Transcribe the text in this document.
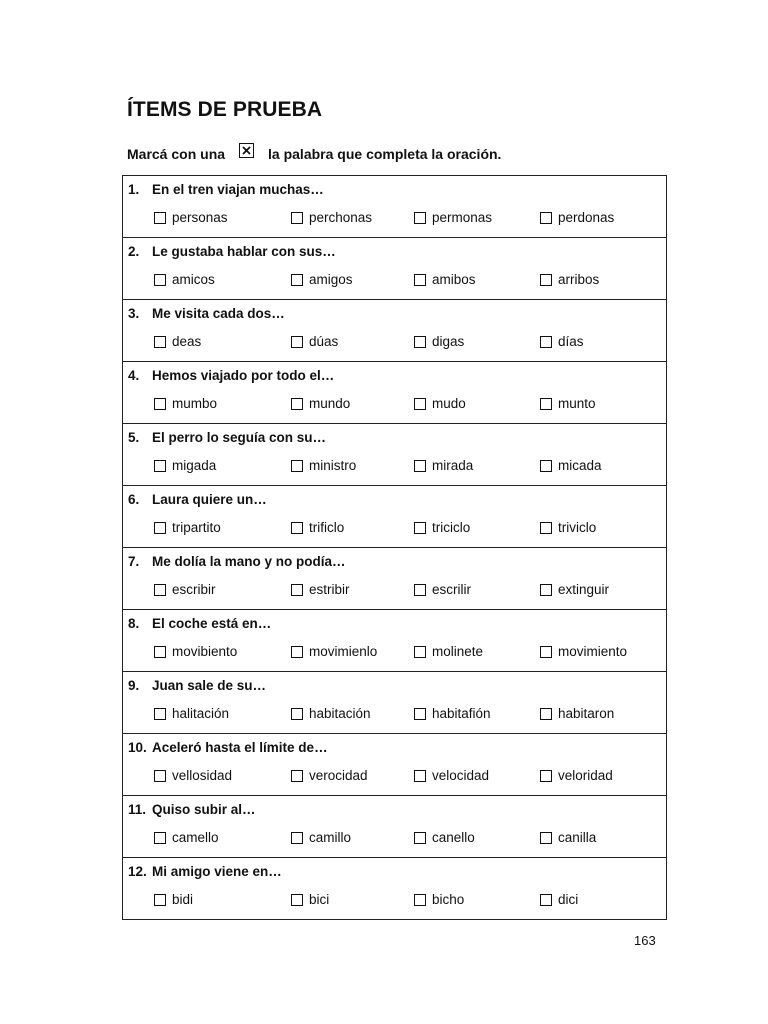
ÍTEMS DE PRUEBA
Marcá con una	la palabra que completa la oración.
1. En el tren viajan muchas…
personas	perchonas	permonas	perdonas
2. Le gustaba hablar con sus…
amicos	amigos	amibos	arribos
3. Me visita cada dos…
deas	dúas	digas	días
4. Hemos viajado por todo el…
mumbo	mundo	mudo	munto
5. El perro lo seguía con su…
migada	ministro	mirada	micada
6. Laura quiere un…
tripartito	trificlo	triciclo	triviclo
7. Me dolía la mano y no podía…
escribir	estribir	escrilir	extinguir
8. El coche está en…
movibiento	movimienlo	molinete	movimiento
9. Juan sale de su…
halitación	habitación	habitafión	habitaron
10. Aceleró hasta el límite de…
vellosidad	verocidad	velocidad	veloridad
11. Quiso subir al…
camello	camillo	canello	canilla
12. Mi amigo viene en…
bidi	bici	bicho	dici
163
